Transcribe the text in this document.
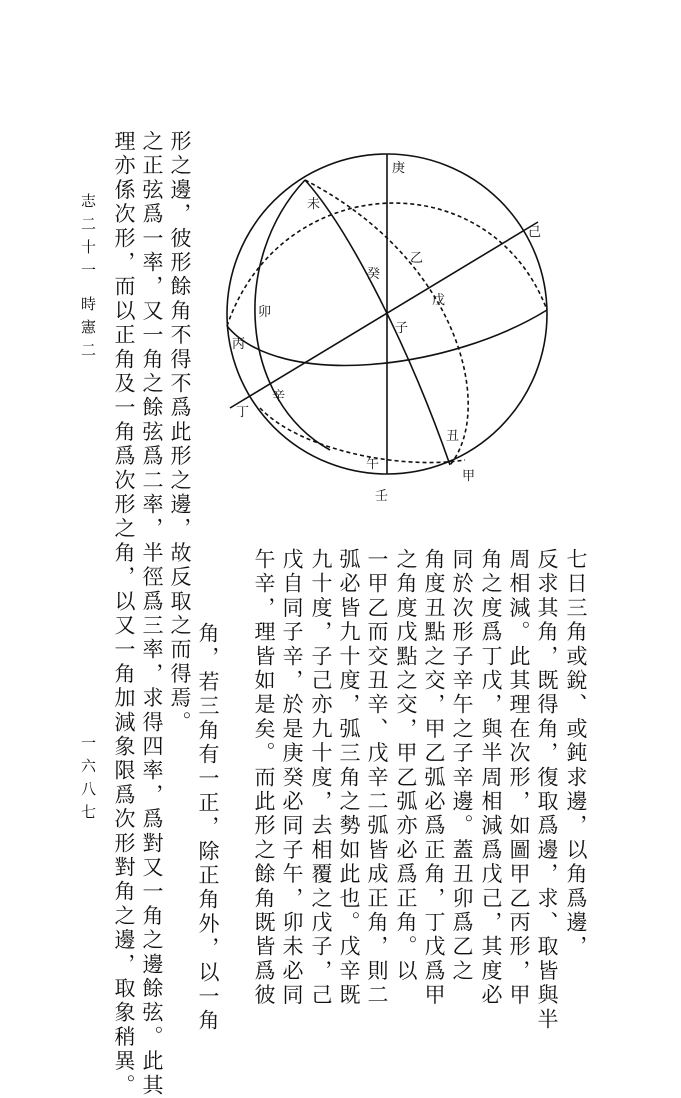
志二十一
時憲二
一六八七
庚
己
未
乙
癸
戊
卯
子
丙
丁
辛
丑
甲
午
壬
形之邊，彼形餘角不得不爲此形之邊，故反取之而得焉。
之正弦爲一率，又一角之餘弦爲二率，半徑爲三率，求得四率，爲對又一角之邊餘弦。此其
理亦係次形，而以正角及一角爲次形之角，以又一角加減象限爲次形對角之邊，取象稍異。	七日三角或銳、或鈍求邊，以角爲邊，
反求其角，既得角，復取爲邊，求、取皆與半
周相減。此其理在次形，如圖甲乙丙形，甲
角之度爲丁戊，與半周相減爲戊己，其度必
同於次形子辛午之子辛邊。蓋丑卯爲乙之
角度丑點之交，甲乙弧必爲正角，丁戊爲甲
之角度戊點之交，甲乙弧亦必爲正角。以
一甲乙而交丑辛、戊辛二弧皆成正角，則二
弧必皆九十度，弧三角之勢如此也。戊辛既
九十度，子己亦九十度，去相覆之戊子，己
戊自同子辛，於是庚癸必同子午，卯未必同
午辛，理皆如是矣。而此形之餘角既皆爲彼
角，若三角有一正，除正角外，以一角
